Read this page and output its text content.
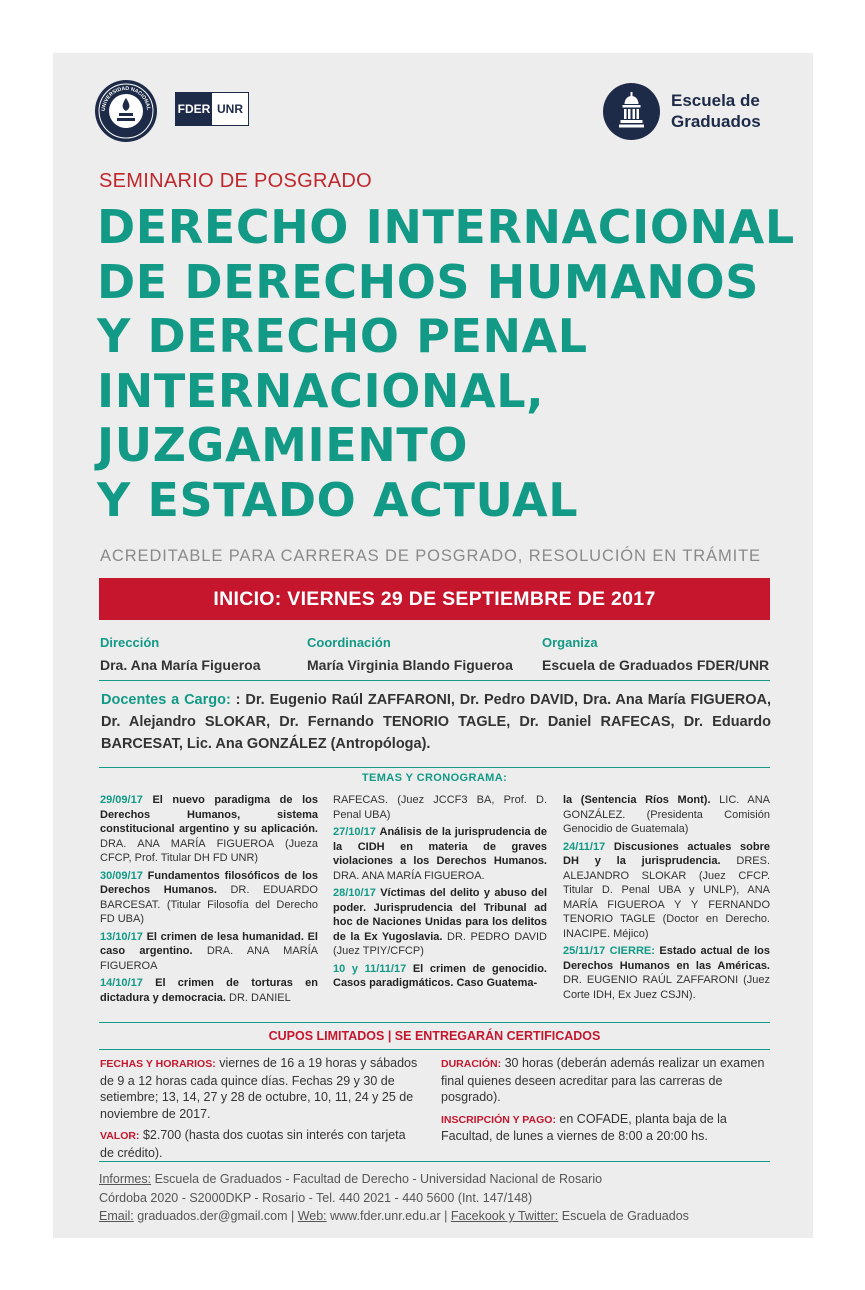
UNIVERSIDAD NACIONAL FDER UNR	Escuela de
Graduados
SEMINARIO DE POSGRADO
DERECHO INTERNACIONAL
DE DERECHOS HUMANOS
Y DERECHO PENAL
INTERNACIONAL,
JUZGAMIENTO
Y ESTADO ACTUAL
ACREDITABLE PARA CARRERAS DE POSGRADO, RESOLUCIÓN EN TRÁMITE
INICIO: VIERNES 29 DE SEPTIEMBRE DE 2017
Dirección
Dra. Ana María Figueroa
Coordinación
María Virginia Blando Figueroa
Organiza
Escuela de Graduados FDER/UNR
Docentes a Cargo: : Dr. Eugenio Raúl ZAFFARONI, Dr. Pedro DAVID, Dra. Ana María FIGUEROA, Dr. Alejandro SLOKAR, Dr. Fernando TENORIO TAGLE, Dr. Daniel RAFECAS, Dr. Eduardo BARCESAT, Lic. Ana GONZÁLEZ (Antropóloga).
TEMAS Y CRONOGRAMA:
29/09/17 El nuevo paradigma de los Derechos Humanos, sistema constitucional argentino y su aplicación. DRA. ANA MARÍA FIGUEROA (Jueza CFCP, Prof. Titular DH FD UNR)
30/09/17 Fundamentos filosóficos de los Derechos Humanos. DR. EDUARDO BARCESAT. (Titular Filosofía del Derecho FD UBA)
13/10/17 El crimen de lesa humanidad. El caso argentino. DRA. ANA MARÍA FIGUEROA
14/10/17 El crimen de torturas en dictadura y democracia. DR. DANIEL
RAFECAS. (Juez JCCF3 BA, Prof. D. Penal UBA)
27/10/17 Análisis de la jurisprudencia de la CIDH en materia de graves violaciones a los Derechos Humanos. DRA. ANA MARÍA FIGUEROA.
28/10/17 Víctimas del delito y abuso del poder. Jurisprudencia del Tribunal ad hoc de Naciones Unidas para los delitos de la Ex Yugoslavia. DR. PEDRO DAVID (Juez TPIY/CFCP)
10 y 11/11/17 El crimen de genocidio. Casos paradigmáticos. Caso Guatema-
la (Sentencia Ríos Mont). LIC. ANA GONZÁLEZ. (Presidenta Comisión Genocidio de Guatemala)
24/11/17 Discusiones actuales sobre DH y la jurisprudencia. DRES. ALEJANDRO SLOKAR (Juez CFCP. Titular D. Penal UBA y UNLP), ANA MARÍA FIGUEROA Y Y FERNANDO TENORIO TAGLE (Doctor en Derecho. INACIPE. Méjico)
25/11/17 CIERRE: Estado actual de los Derechos Humanos en las Américas. DR. EUGENIO RAÚL ZAFFARONI (Juez Corte IDH, Ex Juez CSJN).
CUPOS LIMITADOS | SE ENTREGARÁN CERTIFICADOS

FECHAS Y HORARIOS: viernes de 16 a 19 horas y sábados de 9 a 12 horas cada quince días. Fechas 29 y 30 de setiembre; 13, 14, 27 y 28 de octubre, 10, 11, 24 y 25 de noviembre de 2017.

VALOR: $2.700 (hasta dos cuotas sin interés con tarjeta de crédito).

DURACIÓN: 30 horas (deberán además realizar un examen final quienes deseen acreditar para las carreras de posgrado).

INSCRIPCIÓN Y PAGO: en COFADE, planta baja de la Facultad, de lunes a viernes de 8:00 a 20:00 hs.

Informes: Escuela de Graduados - Facultad de Derecho - Universidad Nacional de Rosario
Córdoba 2020 - S2000DKP - Rosario - Tel. 440 2021 - 440 5600 (Int. 147/148)
Email: graduados.der@gmail.com | Web: www.fder.unr.edu.ar | Facekook y Twitter: Escuela de Graduados
